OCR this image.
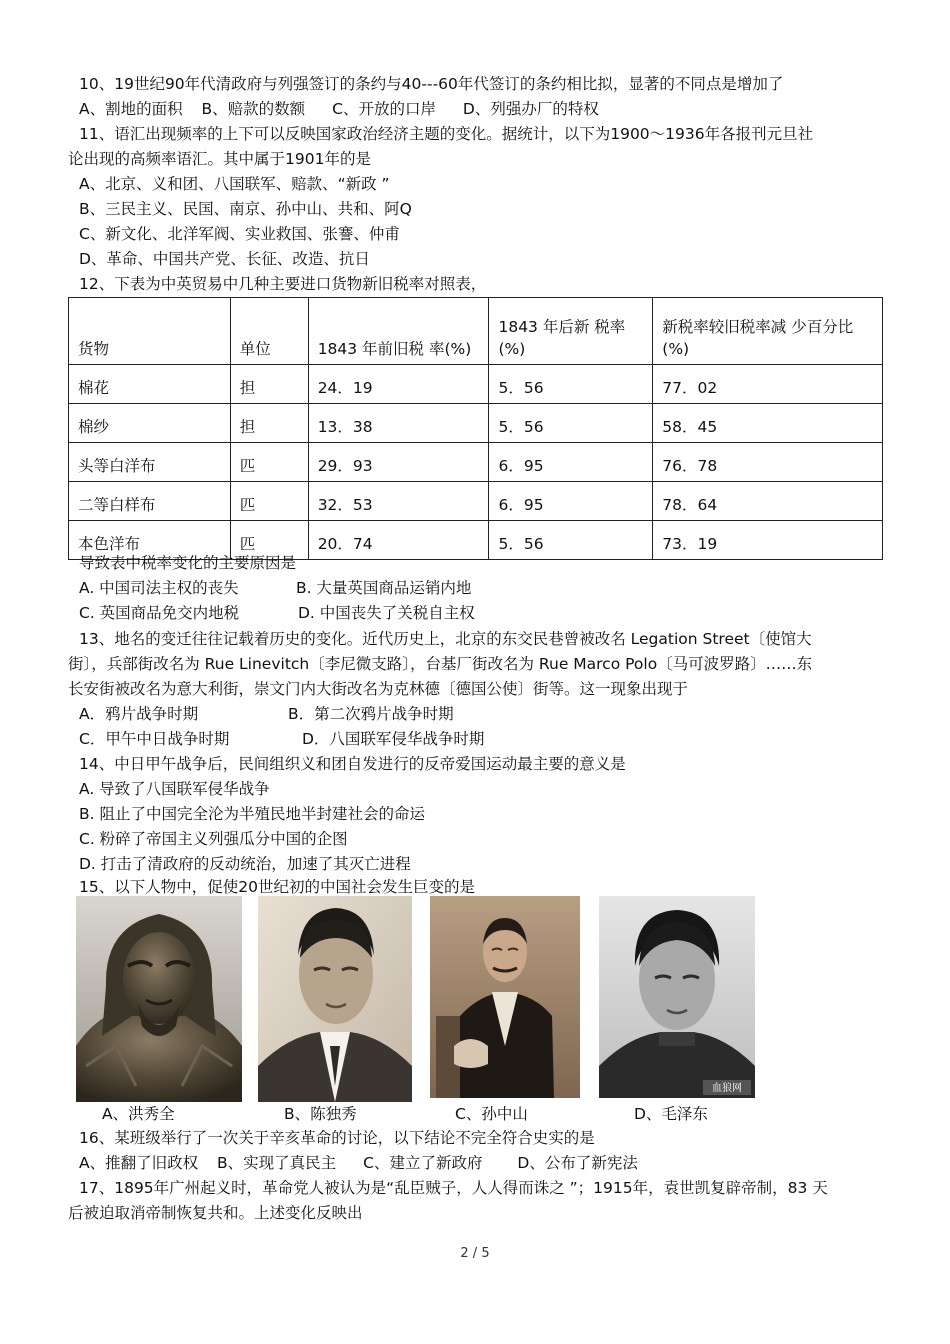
10、19世纪90年代清政府与列强签订的条约与40---60年代签订的条约相比拟，显著的不同点是增加了
A、割地的面积 B、赔款的数额 C、开放的口岸 D、列强办厂的特权
11、语汇出现频率的上下可以反映国家政治经济主题的变化。据统计，以下为1900～1936年各报刊元旦社
论出现的高频率语汇。其中属于1901年的是
A、北京、义和团、八国联军、赔款、“新政 ”
B、三民主义、民国、南京、孙中山、共和、阿Q
C、新文化、北洋军阀、实业救国、张謇、仲甫
D、革命、中国共产党、长征、改造、抗日
12、下表为中英贸易中几种主要进口货物新旧税率对照表，
货物	单位	1843 年前旧税 率(%)	1843 年后新 税率(%)	新税率较旧税率减 少百分比(%)
棉花	担	24．19	5．56	77．02
棉纱	担	13．38	5．56	58．45
头等白洋布	匹	29．93	6．95	76．78
二等白样布	匹	32．53	6．95	78．64
本色洋布	匹	20．74	5．56	73．19
导致表中税率变化的主要原因是
A. 中国司法主权的丧失	B. 大量英国商品运销内地
C. 英国商品免交内地税	D. 中国丧失了关税自主权
13、地名的变迁往往记载着历史的变化。近代历史上，北京的东交民巷曾被改名 Legation Street〔使馆大
街〕，兵部街改名为 Rue Linevitch〔李尼微支路〕，台基厂街改名为 Rue Marco Polo〔马可波罗路〕……东
长安街被改名为意大利街，崇文门内大街改名为克林德〔德国公使〕街等。这一现象出现于
A．鸦片战争时期	B．第二次鸦片战争时期
C．甲午中日战争时期	D．八国联军侵华战争时期
14、中日甲午战争后，民间组织义和团自发进行的反帝爱国运动最主要的意义是
A. 导致了八国联军侵华战争
B. 阻止了中国完全沦为半殖民地半封建社会的命运
C. 粉碎了帝国主义列强瓜分中国的企图
D. 打击了清政府的反动统治，加速了其灭亡进程
15、以下人物中，促使20世纪初的中国社会发生巨变的是
血狼网
A、洪秀全	B、陈独秀	C、孙中山	D、毛泽东
16、某班级举行了一次关于辛亥革命的讨论，以下结论不完全符合史实的是
A、推翻了旧政权 B、实现了真民主 C、建立了新政府 D、公布了新宪法
17、1895年广州起义时，革命党人被认为是“乱臣贼子，人人得而诛之 ”；1915年，袁世凯复辟帝制，83 天
后被迫取消帝制恢复共和。上述变化反映出
2 / 5
